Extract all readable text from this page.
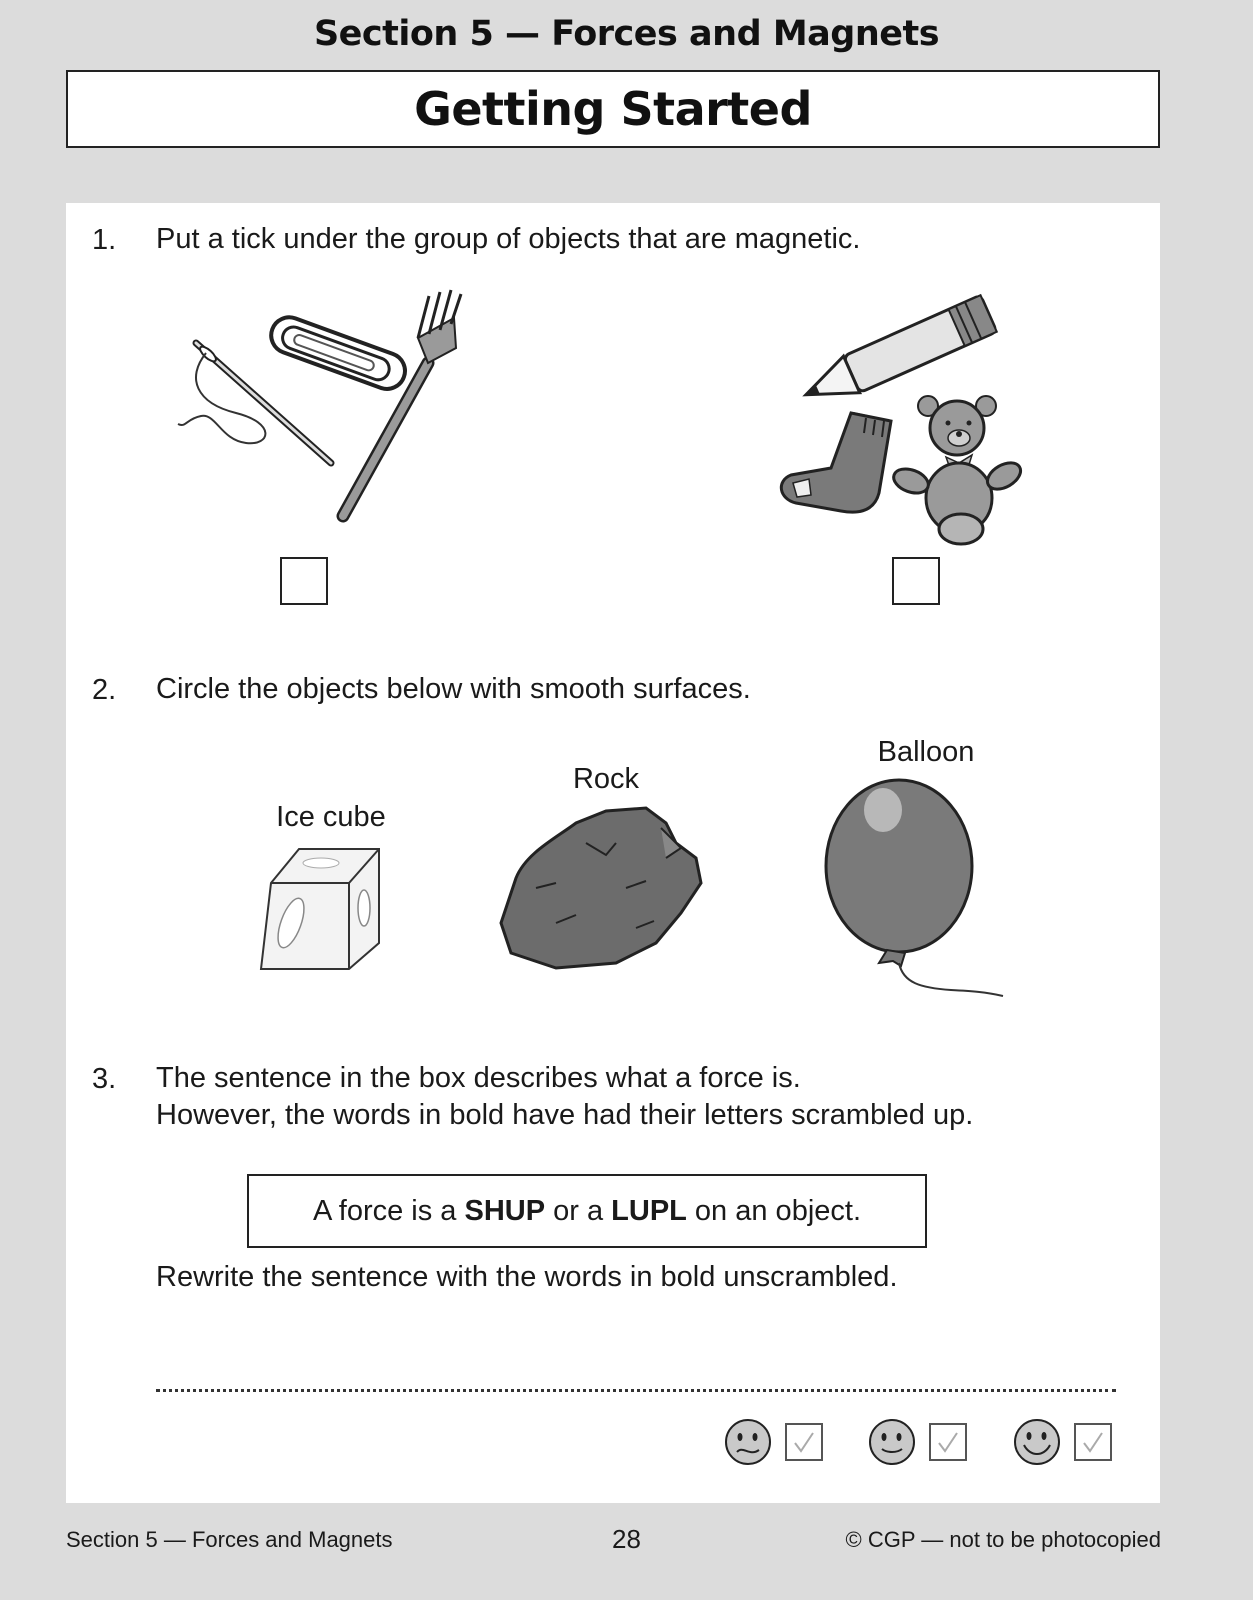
Section 5 — Forces and Magnets
Getting Started
1. Put a tick under the group of objects that are magnetic.
2. Circle the objects below with smooth surfaces.
Ice cube
Rock
Balloon
3. The sentence in the box describes what a force is.
However, the words in bold have had their letters scrambled up.
A force is a SHUP or a LUPL on an object.
Rewrite the sentence with the words in bold unscrambled.
Section 5 — Forces and Magnets	28	© CGP — not to be photocopied
